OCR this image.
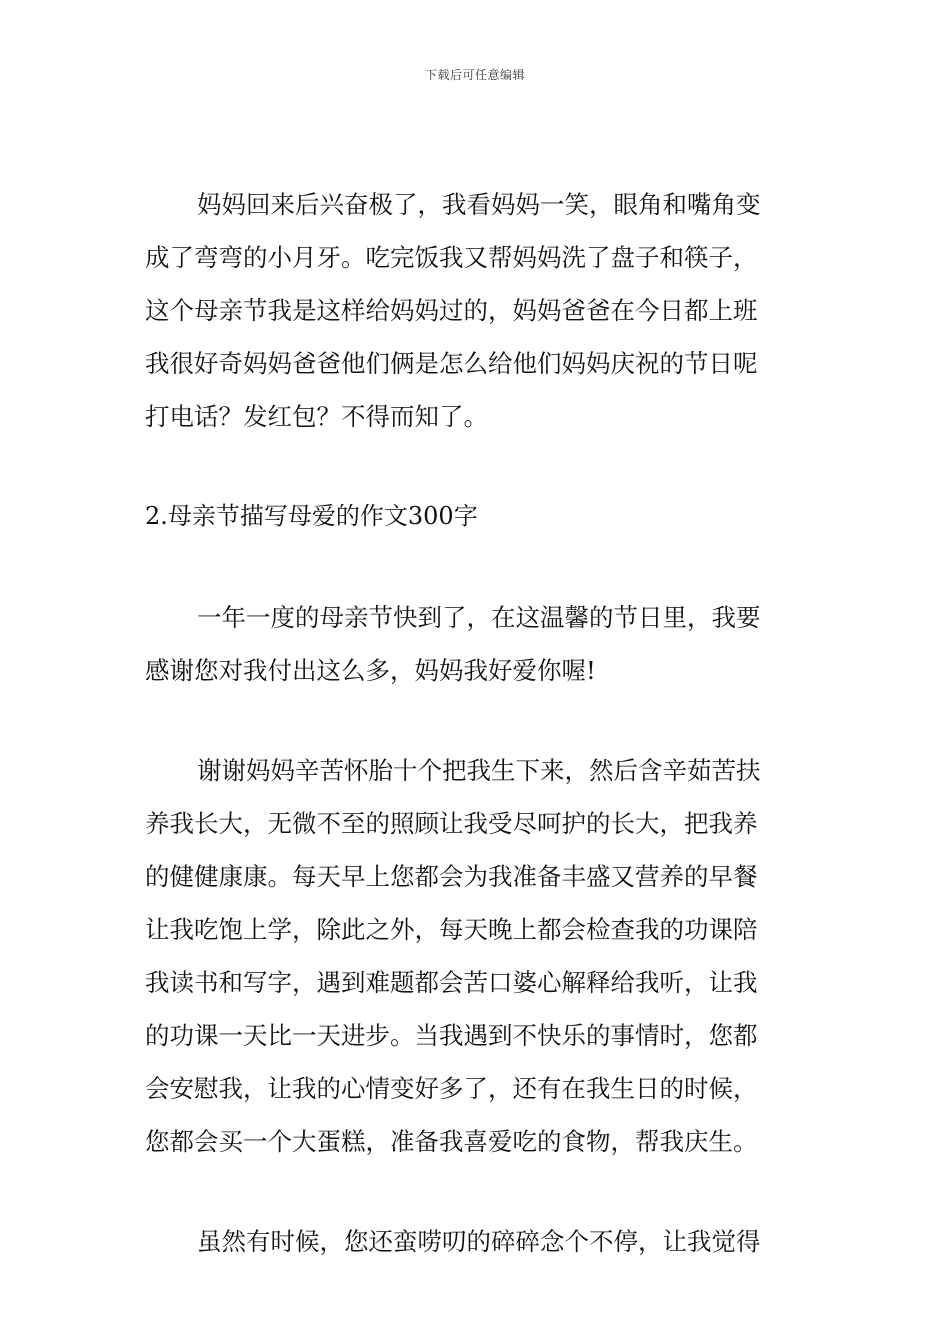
下载后可任意编辑
妈妈回来后兴奋极了，我看妈妈一笑，眼角和嘴角变
成了弯弯的小月牙。吃完饭我又帮妈妈洗了盘子和筷子，
这个母亲节我是这样给妈妈过的，妈妈爸爸在今日都上班
我很好奇妈妈爸爸他们俩是怎么给他们妈妈庆祝的节日呢
打电话？发红包？不得而知了。
2.母亲节描写母爱的作文300字
一年一度的母亲节快到了，在这温馨的节日里，我要
感谢您对我付出这么多，妈妈我好爱你喔!
谢谢妈妈辛苦怀胎十个把我生下来，然后含辛茹苦扶
养我长大，无微不至的照顾让我受尽呵护的长大，把我养
的健健康康。每天早上您都会为我准备丰盛又营养的早餐
让我吃饱上学，除此之外，每天晚上都会检查我的功课陪
我读书和写字，遇到难题都会苦口婆心解释给我听，让我
的功课一天比一天进步。当我遇到不快乐的事情时，您都
会安慰我，让我的心情变好多了，还有在我生日的时候，
您都会买一个大蛋糕，准备我喜爱吃的食物，帮我庆生。
虽然有时候，您还蛮唠叨的碎碎念个不停，让我觉得
